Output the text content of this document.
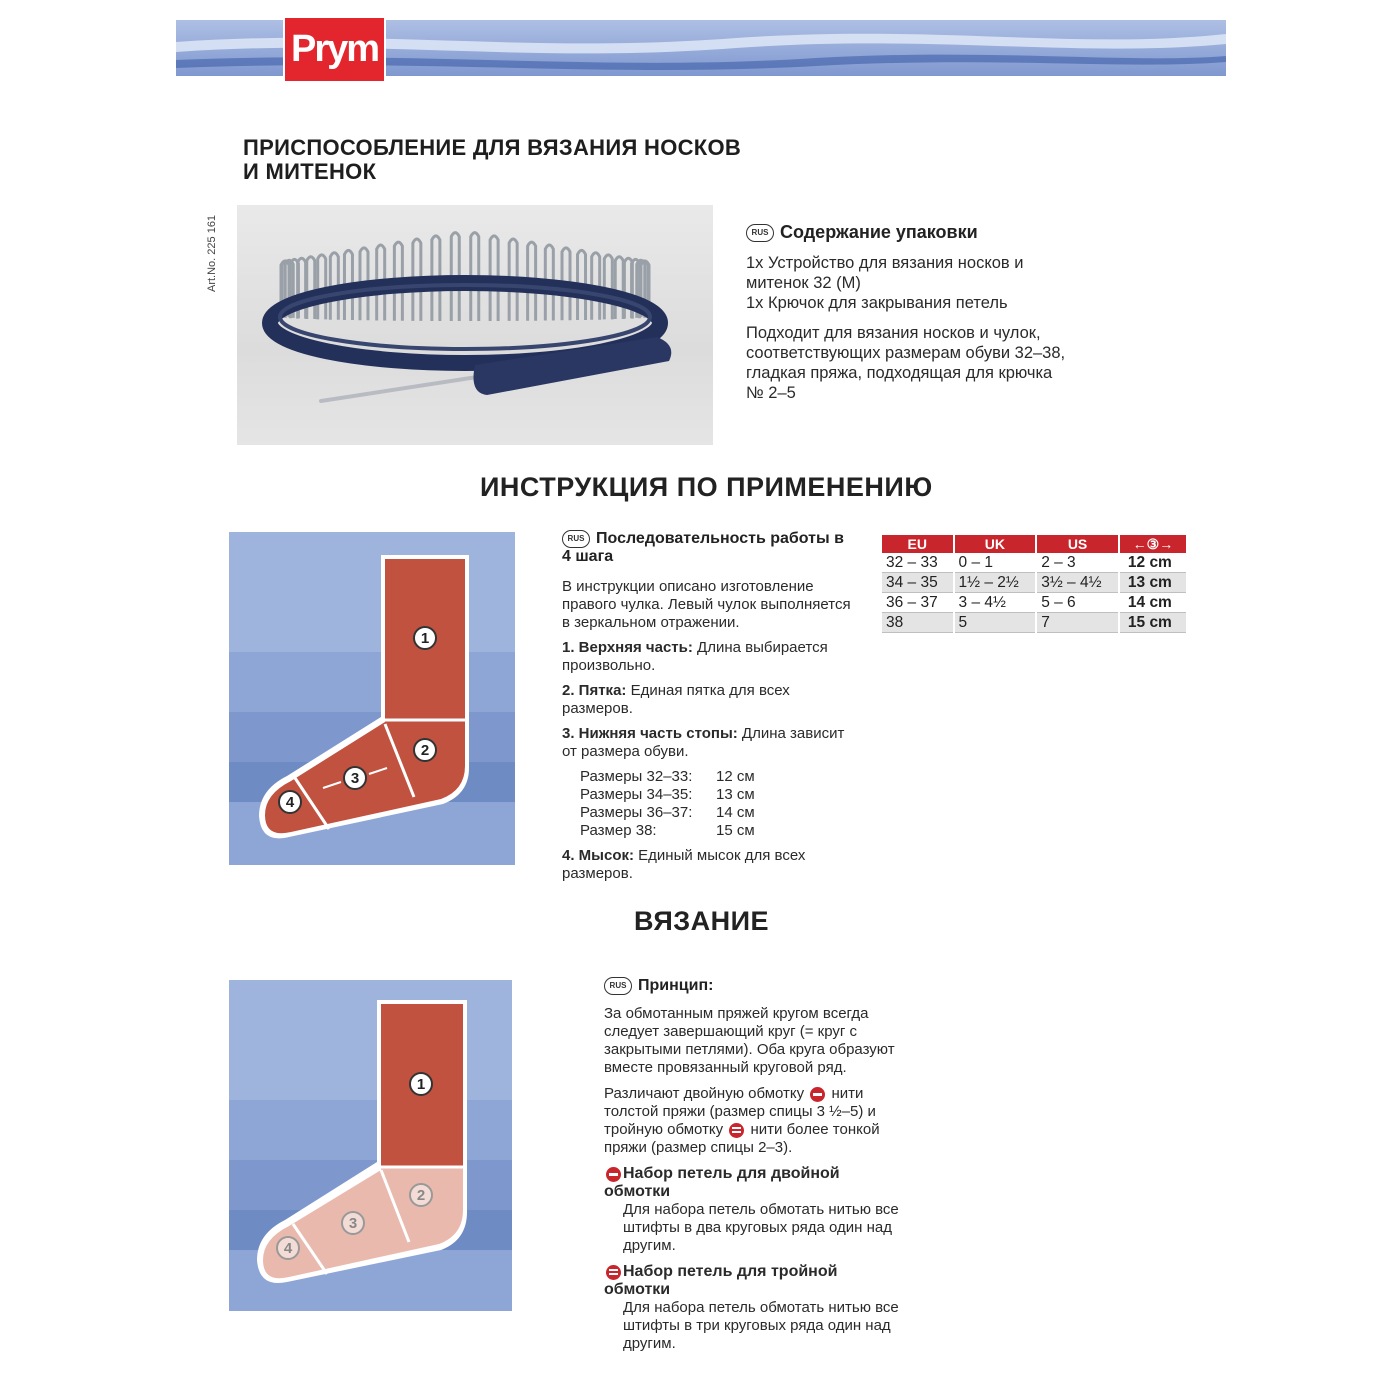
Prym
ПРИСПОСОБЛЕНИЕ ДЛЯ ВЯЗАНИЯ НОСКОВ И МИТЕНОК
Art.No. 225 161	RUS Содержание упаковки
1x Устройство для вязания носков и митенок 32 (M)
1x Крючок для закрывания петель
Подходит для вязания носков и чулок, соответствующих размерам обуви 32–38, гладкая пряжа, подходящая для крючка № 2–5
ИНСТРУКЦИЯ ПО ПРИМЕНЕНИЮ
1
2
3
4
RUS Последовательность работы в 4 шага
В инструкции описано изготовление правого чулка. Левый чулок выполняется в зеркальном отражении.
1. Верхняя часть: Длина выбирается произвольно.
2. Пятка: Единая пятка для всех размеров.
3. Нижняя часть стопы: Длина зависит от размера обуви.
Размеры 32–33: 12 см
Размеры 34–35: 13 см
Размеры 36–37: 14 см
Размер 38:	15 см
4. Мысок: Единый мысок для всех размеров.
EU	UK	US	←③→
32 – 33	0 – 1	2 – 3	12 cm
34 – 35	1½ – 2½	3½ – 4½	13 cm
36 – 37	3 – 4½	5 – 6	14 cm
38	5	7	15 cm
ВЯЗАНИЕ
1
2
3
4
RUS Принцип:
За обмотанным пряжей кругом всегда следует завершающий круг (= круг с закрытыми петлями). Оба круга образуют вместе провязанный круговой ряд.
Различают двойную обмотку нити толстой пряжи (размер спицы 3 ½–5) и тройную обмотку нити более тонкой пряжи (размер спицы 2–3).
Набор петель для двойной обмотки
Для набора петель обмотать нитью все штифты в два круговых ряда один над другим.
Набор петель для тройной обмотки
Для набора петель обмотать нитью все штифты в три круговых ряда один над другим.
